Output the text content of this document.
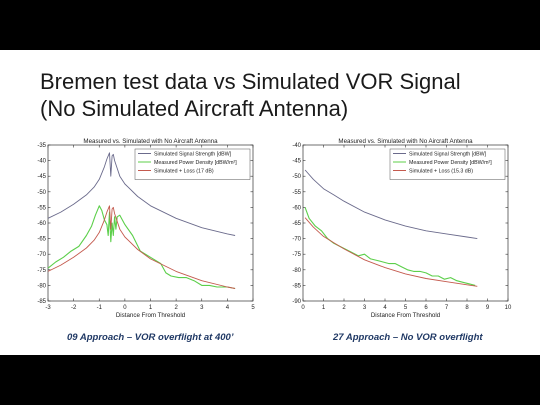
Bremen test data vs Simulated VOR Signal
(No Simulated Aircraft Antenna)
Measured vs. Simulated with No Aircraft Antenna
-3	-2	-1	0	1	2	3	4	5
-35
-40
-45
-50
-55
-60
-65
-70
-75
-80
-85
Distance From Threshold
Simulated Signal Strength [dBW]
Measured Power Density [dBW/m²]
Simulated + Loss (17 dB)
Measured vs. Simulated with No Aircraft Antenna
0	1	2	3	4	5	6	7	8	9	10
-40
-45
-50
-55
-60
-65
-70
-75
-80
-85
-90
Distance From Threshold
Simulated Signal Strength [dBW]
Measured Power Density [dBW/m²]
Simulated + Loss (15.3 dB)
09 Approach – VOR overflight at 400’	27 Approach – No VOR overflight
